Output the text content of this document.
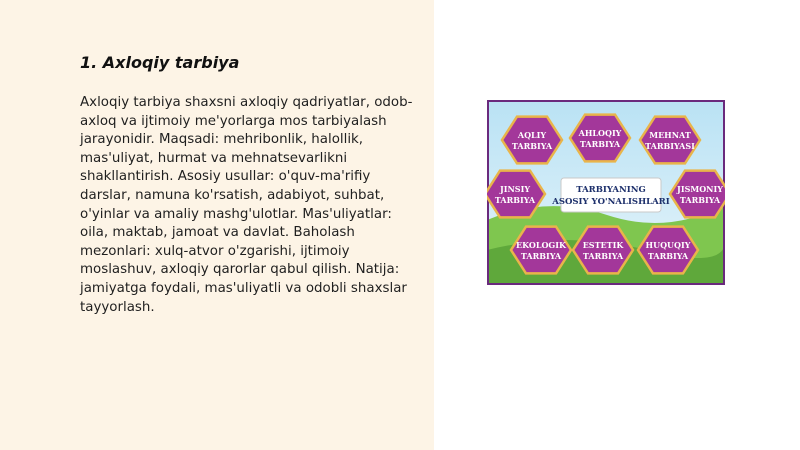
1. Axloqiy tarbiya

Axloqiy tarbiya shaxsni axloqiy qadriyatlar, odob-axloq va ijtimoiy me'yorlarga mos tarbiyalash jarayonidir. Maqsadi: mehribonlik, halollik, mas'uliyat, hurmat va mehnatsevarlikni shakllantirish. Asosiy usullar: o'quv-ma'rifiy darslar, namuna ko'rsatish, adabiyot, suhbat, o'yinlar va amaliy mashg'ulotlar. Mas'uliyatlar: oila, maktab, jamoat va davlat. Baholash mezonlari: xulq-atvor o'zgarishi, ijtimoiy moslashuv, axloqiy qarorlar qabul qilish. Natija: jamiyatga foydali, mas'uliyatli va odobli shaxslar tayyorlash.

AQLIY
TARBIYA
AHLOQIY
TARBIYA
MEHNAT
TARBIYASI
JINSIY
TARBIYA
JISMONIY
TARBIYA
EKOLOGIK
TARBIYA
ESTETIK
TARBIYA
HUQUQIY
TARBIYA
TARBIYANING
ASOSIY YO'NALISHLARI
